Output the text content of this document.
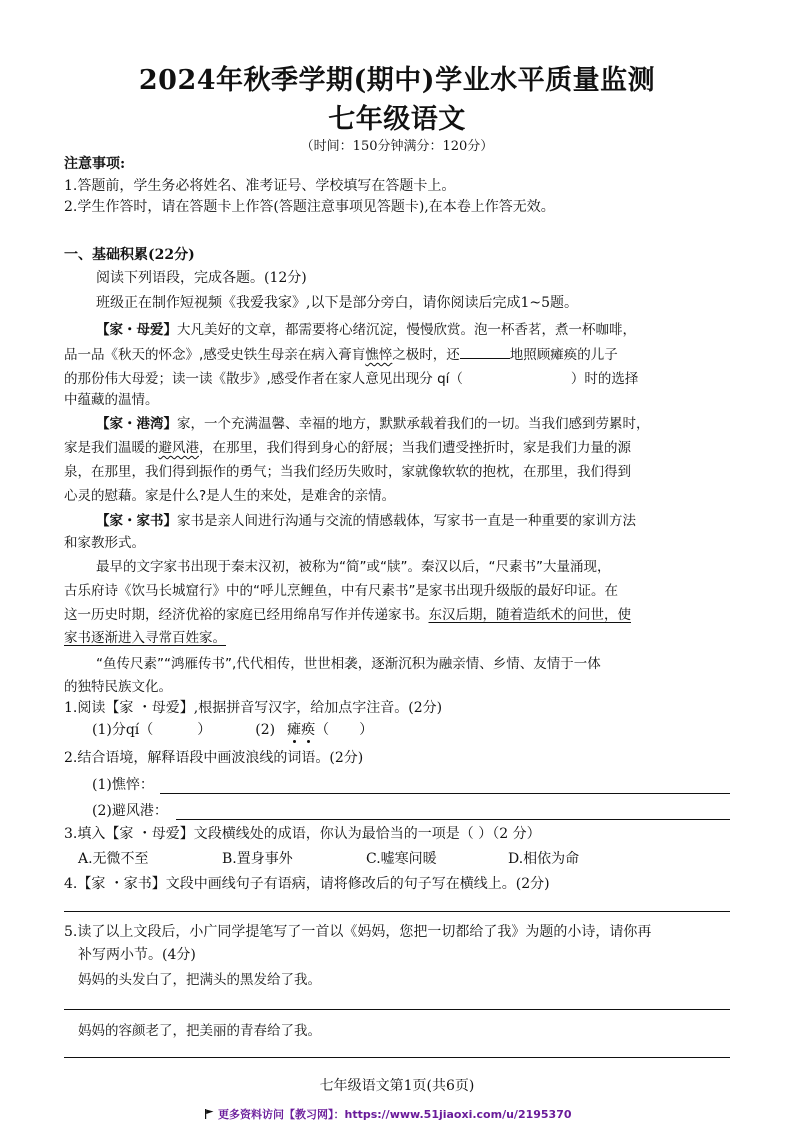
2024年秋季学期(期中)学业水平质量监测
七年级语文
（时间：150分钟满分：120分）
注意事项:
1.答题前，学生务必将姓名、准考证号、学校填写在答题卡上。
2.学生作答时，请在答题卡上作答(答题注意事项见答题卡),在本卷上作答无效。
一、基础积累(22分)
阅读下列语段，完成各题。(12分)
班级正在制作短视频《我爱我家》,以下是部分旁白，请你阅读后完成1~5题。
【家・母爱】大凡美好的文章，都需要将心绪沉淀，慢慢欣赏。泡一杯香茗，煮一杯咖啡，
品一品《秋天的怀念》,感受史铁生母亲在病入膏肓憔悴之极时，还	地照顾瘫痪的儿子
的那份伟大母爱；读一读《散步》,感受作者在家人意见出现分 qí（	）时的选择
中蕴藏的温情。
【家・港湾】家，一个充满温馨、幸福的地方，默默承载着我们的一切。当我们感到劳累时，
家是我们温暖的避风港，在那里，我们得到身心的舒展；当我们遭受挫折时，家是我们力量的源
泉，在那里，我们得到振作的勇气；当我们经历失败时，家就像软软的抱枕，在那里，我们得到
心灵的慰藉。家是什么?是人生的来处，是难舍的亲情。
【家・家书】家书是亲人间进行沟通与交流的情感载体，写家书一直是一种重要的家训方法
和家教形式。
最早的文字家书出现于秦末汉初，被称为“简”或“牍”。秦汉以后，“尺素书”大量涌现，
古乐府诗《饮马长城窟行》中的“呼儿烹鲤鱼，中有尺素书”是家书出现升级版的最好印证。在
这一历史时期，经济优裕的家庭已经用绵帛写作并传递家书。东汉后期，随着造纸术的问世，使
家书逐渐进入寻常百姓家。
“鱼传尺素”“鸿雁传书”,代代相传，世世相袭，逐渐沉积为融亲情、乡情、友情于一体
的独特民族文化。
1.阅读【家 ・母爱】,根据拼音写汉字，给加点字注音。(2分)
(1)分qí（	）	(2) 瘫痪（ ）
2.结合语境，解释语段中画波浪线的词语。(2分)
(1)憔悴：
(2)避风港：
3.填入【家 ・母爱】文段横线处的成语，你认为最恰当的一项是（ ）（2 分）
A.无微不至	B.置身事外	C.嘘寒问暖	D.相依为命
4.【家 ・家书】文段中画线句子有语病，请将修改后的句子写在横线上。(2分)
5.读了以上文段后，小广同学提笔写了一首以《妈妈，您把一切都给了我》为题的小诗，请你再
补写两小节。(4分)
妈妈的头发白了，把满头的黑发给了我。
妈妈的容颜老了，把美丽的青春给了我。
七年级语文第1页(共6页)
更多资料访问【教习网】：https://www.51jiaoxi.com/u/2195370
